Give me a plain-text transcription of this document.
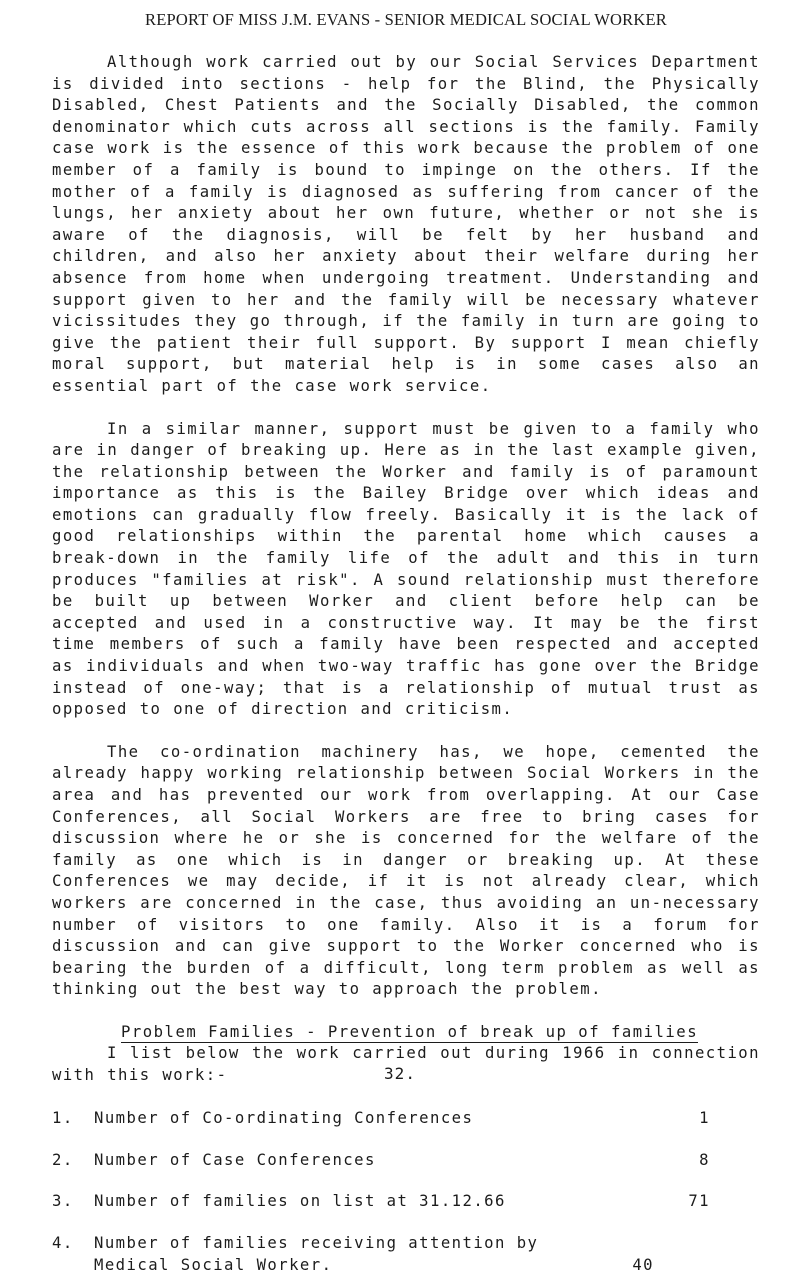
REPORT OF MISS J.M. EVANS - SENIOR MEDICAL SOCIAL WORKER

Although work carried out by our Social Services Department is divided into sections - help for the Blind, the Physically Disabled, Chest Patients and the Socially Disabled, the common denominator which cuts across all sections is the family. Family case work is the essence of this work because the problem of one member of a family is bound to impinge on the others. If the mother of a family is diagnosed as suffering from cancer of the lungs, her anxiety about her own future, whether or not she is aware of the diagnosis, will be felt by her husband and children, and also her anxiety about their welfare during her absence from home when undergoing treatment. Understanding and support given to her and the family will be necessary whatever vicissitudes they go through, if the family in turn are going to give the patient their full support. By support I mean chiefly moral support, but material help is in some cases also an essential part of the case work service.

In a similar manner, support must be given to a family who are in danger of breaking up. Here as in the last example given, the relationship between the Worker and family is of paramount importance as this is the Bailey Bridge over which ideas and emotions can gradually flow freely. Basically it is the lack of good relationships within the parental home which causes a break-down in the family life of the adult and this in turn produces "families at risk". A sound relationship must therefore be built up between Worker and client before help can be accepted and used in a constructive way. It may be the first time members of such a family have been respected and accepted as individuals and when two-way traffic has gone over the Bridge instead of one-way; that is a relationship of mutual trust as opposed to one of direction and criticism.

The co-ordination machinery has, we hope, cemented the already happy working relationship between Social Workers in the area and has prevented our work from overlapping. At our Case Conferences, all Social Workers are free to bring cases for discussion where he or she is concerned for the welfare of the family as one which is in danger or breaking up. At these Conferences we may decide, if it is not already clear, which workers are concerned in the case, thus avoiding an un-necessary number of visitors to one family. Also it is a forum for discussion and can give support to the Worker concerned who is bearing the burden of a difficult, long term problem as well as thinking out the best way to approach the problem.

Problem Families - Prevention of break up of families

I list below the work carried out during 1966 in connection with this work:-

1.	Number of Co-ordinating Conferences	1
2.	Number of Case Conferences	8
3.	Number of families on list at 31.12.66	71
4.	Number of families receiving attention by Medical Social Worker.	40
32.
